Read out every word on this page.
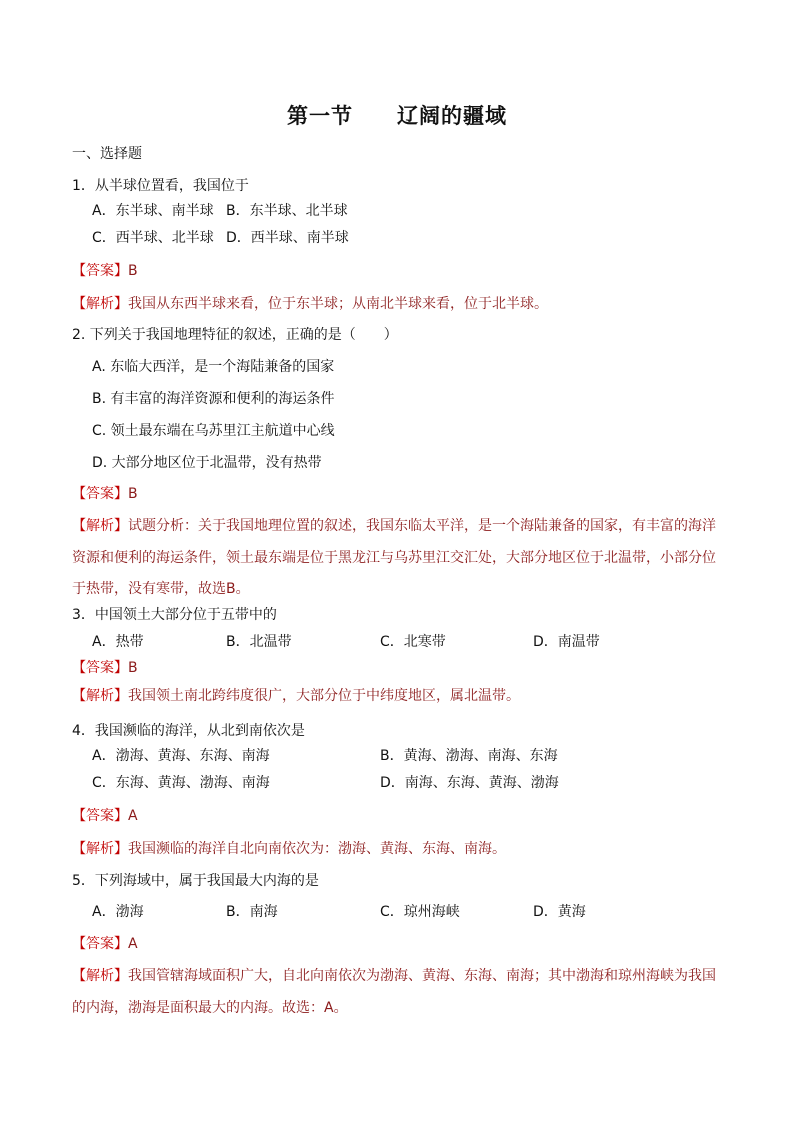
第一节　　辽阔的疆域
一、选择题
1．从半球位置看，我国位于
A．东半球、南半球 B．东半球、北半球
C．西半球、北半球 D．西半球、南半球
【答案】B
【解析】我国从东西半球来看，位于东半球；从南北半球来看，位于北半球。
2. 下列关于我国地理特征的叙述，正确的是（　　）
A. 东临大西洋，是一个海陆兼备的国家
B. 有丰富的海洋资源和便利的海运条件
C. 领土最东端在乌苏里江主航道中心线
D. 大部分地区位于北温带，没有热带
【答案】B
【解析】试题分析：关于我国地理位置的叙述，我国东临太平洋，是一个海陆兼备的国家，有丰富的海洋
资源和便利的海运条件，领土最东端是位于黑龙江与乌苏里江交汇处，大部分地区位于北温带，小部分位
于热带，没有寒带，故选B。
3．中国领土大部分位于五带中的
A．热带	B．北温带	C．北寒带	D．南温带
【答案】B
【解析】我国领土南北跨纬度很广，大部分位于中纬度地区，属北温带。
4．我国濒临的海洋，从北到南依次是
A．渤海、黄海、东海、南海	B．黄海、渤海、南海、东海
C．东海、黄海、渤海、南海	D．南海、东海、黄海、渤海
【答案】A
【解析】我国濒临的海洋自北向南依次为：渤海、黄海、东海、南海。
5．下列海域中，属于我国最大内海的是
A．渤海	B．南海	C．琼州海峡	D．黄海
【答案】A
【解析】我国管辖海域面积广大，自北向南依次为渤海、黄海、东海、南海；其中渤海和琼州海峡为我国
的内海，渤海是面积最大的内海。故选：A。
